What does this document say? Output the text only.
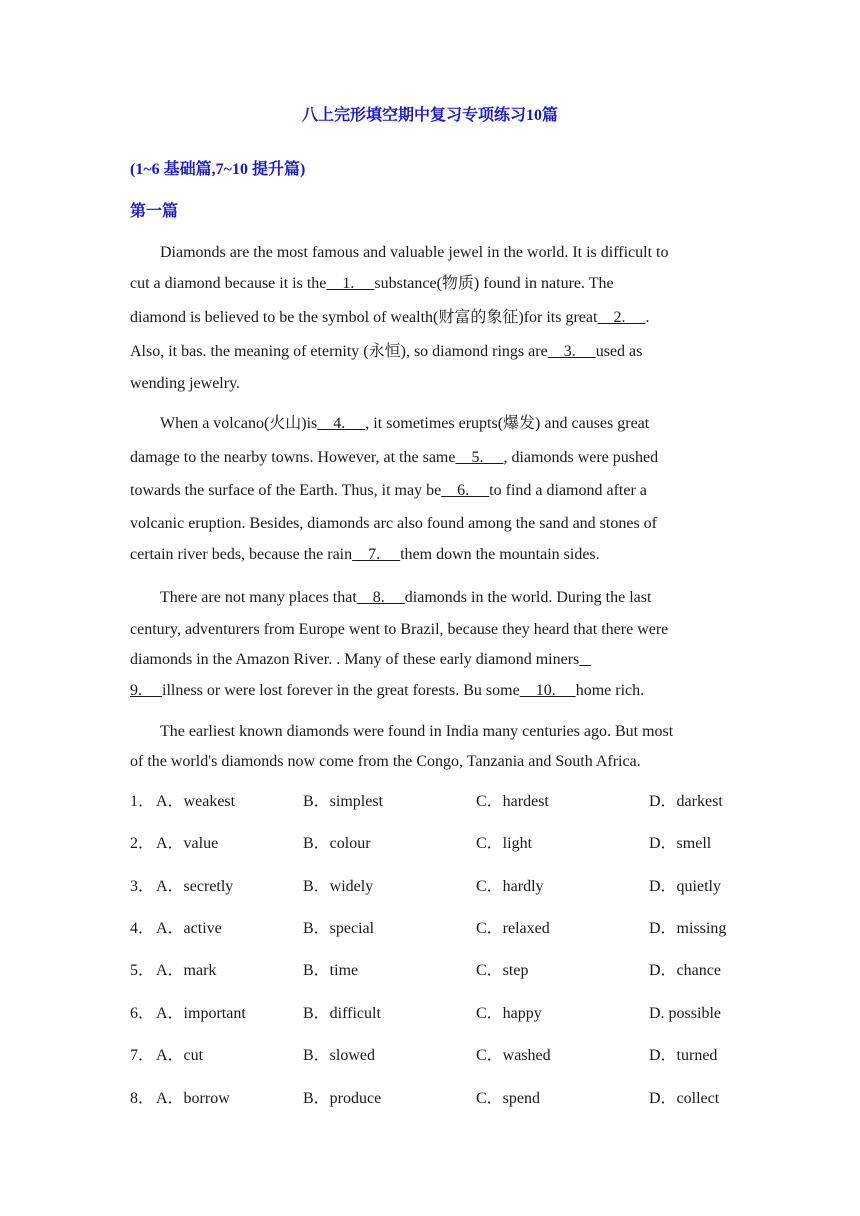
八上完形填空期中复习专项练习10篇
(1~6 基础篇,7~10 提升篇)
第一篇
Diamonds are the most famous and valuable jewel in the world. It is difficult to
cut a diamond because it is the    1.     substance(物质) found in nature. The
diamond is believed to be the symbol of wealth(财富的象征)for its great    2.     .
Also, it bas. the meaning of eternity (永恒), so diamond rings are    3.     used as
wending jewelry.
When a volcano(火山)is    4.     , it sometimes erupts(爆发) and causes great
damage to the nearby towns. However, at the same    5.     , diamonds were pushed
towards the surface of the Earth. Thus, it may be    6.     to find a diamond after a
volcanic eruption. Besides, diamonds arc also found among the sand and stones of
certain river beds, because the rain    7.     them down the mountain sides.
There are not many places that    8.     diamonds in the world. During the last
century, adventurers from Europe went to Brazil, because they heard that there were
diamonds in the Amazon River. . Many of these early diamond miners
9.     illness or were lost forever in the great forests. Bu some    10.     home rich.
The earliest known diamonds were found in India many centuries ago. But most
of the world's diamonds now come from the Congo, Tanzania and South Africa.
1． A．weakest	B．simplest	C．hardest	D．darkest
2． A．value	B．colour	C．light	D．smell
3． A．secretly	B．widely	C．hardly	D．quietly
4． A．active	B．special	C．relaxed	D．missing
5． A．mark	B．time	C．step	D．chance
6． A．important	B．difficult	C．happy	D. possible
7． A．cut	B．slowed	C．washed	D．turned
8． A．borrow	B．produce	C．spend	D．collect
